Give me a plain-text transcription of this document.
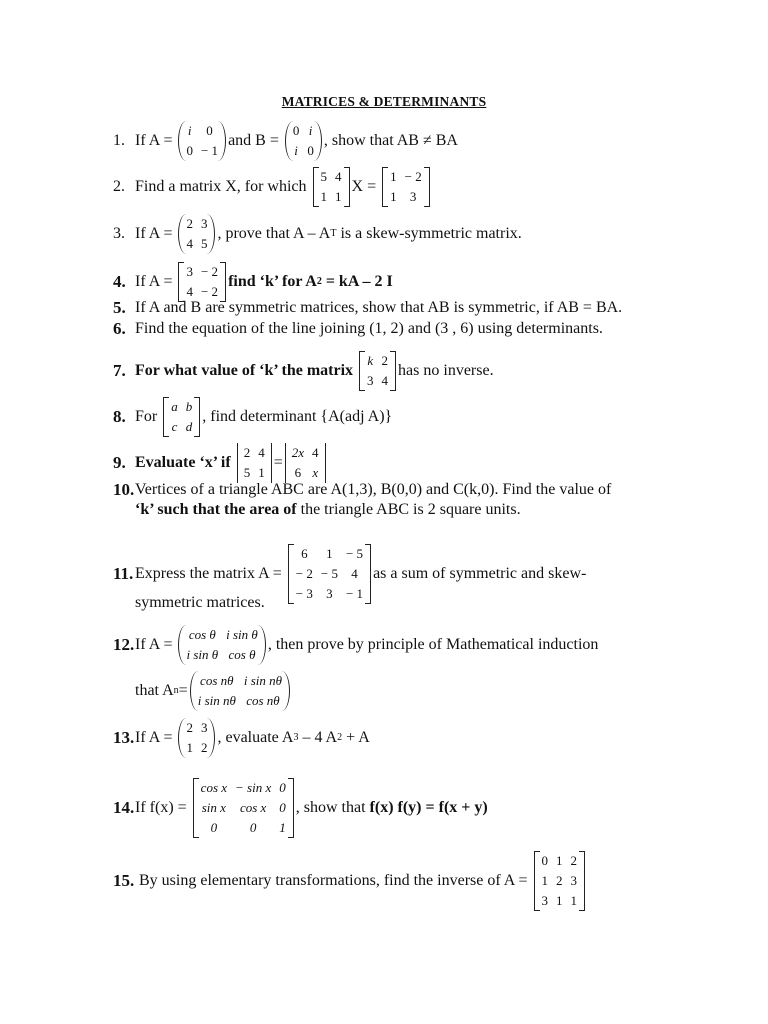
MATRICES & DETERMINANTS
1. If A =
i	0
0	− 1
and B =
0	i
i	0
, show that AB ≠ BA
2. Find a matrix X, for which
5	4
1	1
X =
1	− 2
1	3
3. If A =
2	3
4	5
, prove that A – A T is a skew-symmetric matrix.
4. If A =
3	− 2
4	− 2
find ‘k’ for A 2 = kA – 2 I
5. If A and B are symmetric matrices, show that AB is symmetric, if AB = BA.
6. Find the equation of the line joining (1, 2) and (3 , 6) using determinants.
7. For what value of ‘k’ the matrix
k	2
3	4
has no inverse.
8. For
a	b
c	d
, find determinant {A(adj A)}
9. Evaluate ‘x’ if
2	4
5	1
=
2x	4
6	x
10. Vertices of a triangle ABC are A(1,3), B(0,0) and C(k,0). Find the value of
‘k’ such that the area of the triangle ABC is 2 square units.
11. Express the matrix A =
6	1	− 5
− 2	− 5	4
− 3	3	− 1
as a sum of symmetric and skew-
symmetric matrices.
12. If A =
cos θ	i sin θ
i sin θ	cos θ
, then prove by principle of Mathematical induction
that A n =
cos nθ	i sin nθ
i sin nθ	cos nθ
13. If A =
2	3
1	2
, evaluate A 3 – 4 A 2 + A
14. If f(x) =
cos x	− sin x	0
sin x	cos x	0
0	0	1
, show that f(x) f(y) = f(x + y)
15. By using elementary transformations, find the inverse of A =
0	1	2
1	2	3
3	1	1
